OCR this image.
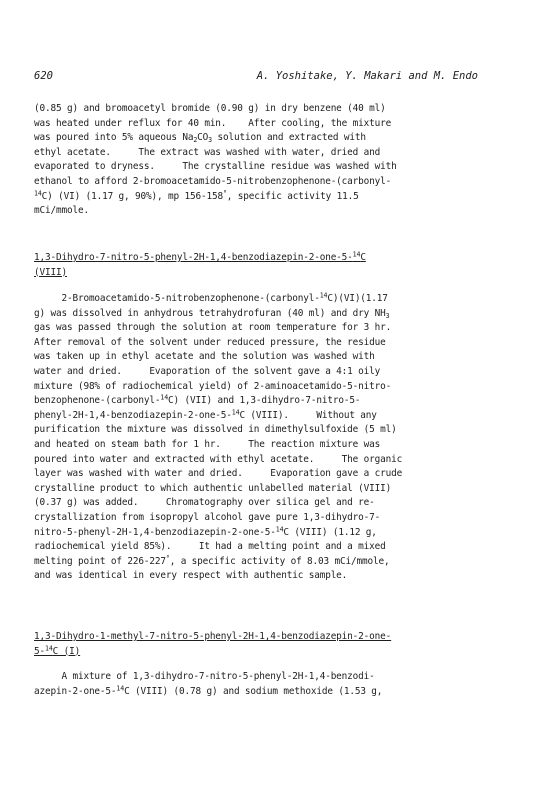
620	A. Yoshitake, Y. Makari and M. Endo
(0.85 g) and bromoacetyl bromide (0.90 g) in dry benzene (40 ml)
was heated under reflux for 40 min.    After cooling, the mixture
was poured into 5% aqueous $Na_2CO_3$ solution and extracted with
ethyl acetate.     The extract was washed with water, dried and
evaporated to dryness.     The crystalline residue was washed with
ethanol to afford 2-bromoacetamido-5-nitrobenzophenone-(carbonyl-
$^{14}$C) (VI) (1.17 g, 90%), mp 156-158°, specific activity 11.5
mCi/mmole.
1,3-Dihydro-7-nitro-5-phenyl-2H-1,4-benzodiazepin-2-one-5-$^{14}$C
(VIII)
2-Bromoacetamido-5-nitrobenzophenone-(carbonyl-$^{14}$C)(VI)(1.17
g) was dissolved in anhydrous tetrahydrofuran (40 ml) and dry $NH_3$
gas was passed through the solution at room temperature for 3 hr.
After removal of the solvent under reduced pressure, the residue
was taken up in ethyl acetate and the solution was washed with
water and dried.     Evaporation of the solvent gave a 4:1 oily
mixture (98% of radiochemical yield) of 2-aminoacetamido-5-nitro-
benzophenone-(carbonyl-$^{14}$C) (VII) and 1,3-dihydro-7-nitro-5-
phenyl-2H-1,4-benzodiazepin-2-one-5-$^{14}$C (VIII).     Without any
purification the mixture was dissolved in dimethylsulfoxide (5 ml)
and heated on steam bath for 1 hr.     The reaction mixture was
poured into water and extracted with ethyl acetate.     The organic
layer was washed with water and dried.     Evaporation gave a crude
crystalline product to which authentic unlabelled material (VIII)
(0.37 g) was added.     Chromatography over silica gel and re-
crystallization from isopropyl alcohol gave pure 1,3-dihydro-7-
nitro-5-phenyl-2H-1,4-benzodiazepin-2-one-5-$^{14}$C (VIII) (1.12 g,
radiochemical yield 85%).     It had a melting point and a mixed
melting point of 226-227°, a specific activity of 8.03 mCi/mmole,
and was identical in every respect with authentic sample.
1,3-Dihydro-1-methyl-7-nitro-5-phenyl-2H-1,4-benzodiazepin-2-one-
5-$^{14}$C (I)
A mixture of 1,3-dihydro-7-nitro-5-phenyl-2H-1,4-benzodi-
azepin-2-one-5-$^{14}$C (VIII) (0.78 g) and sodium methoxide (1.53 g,
